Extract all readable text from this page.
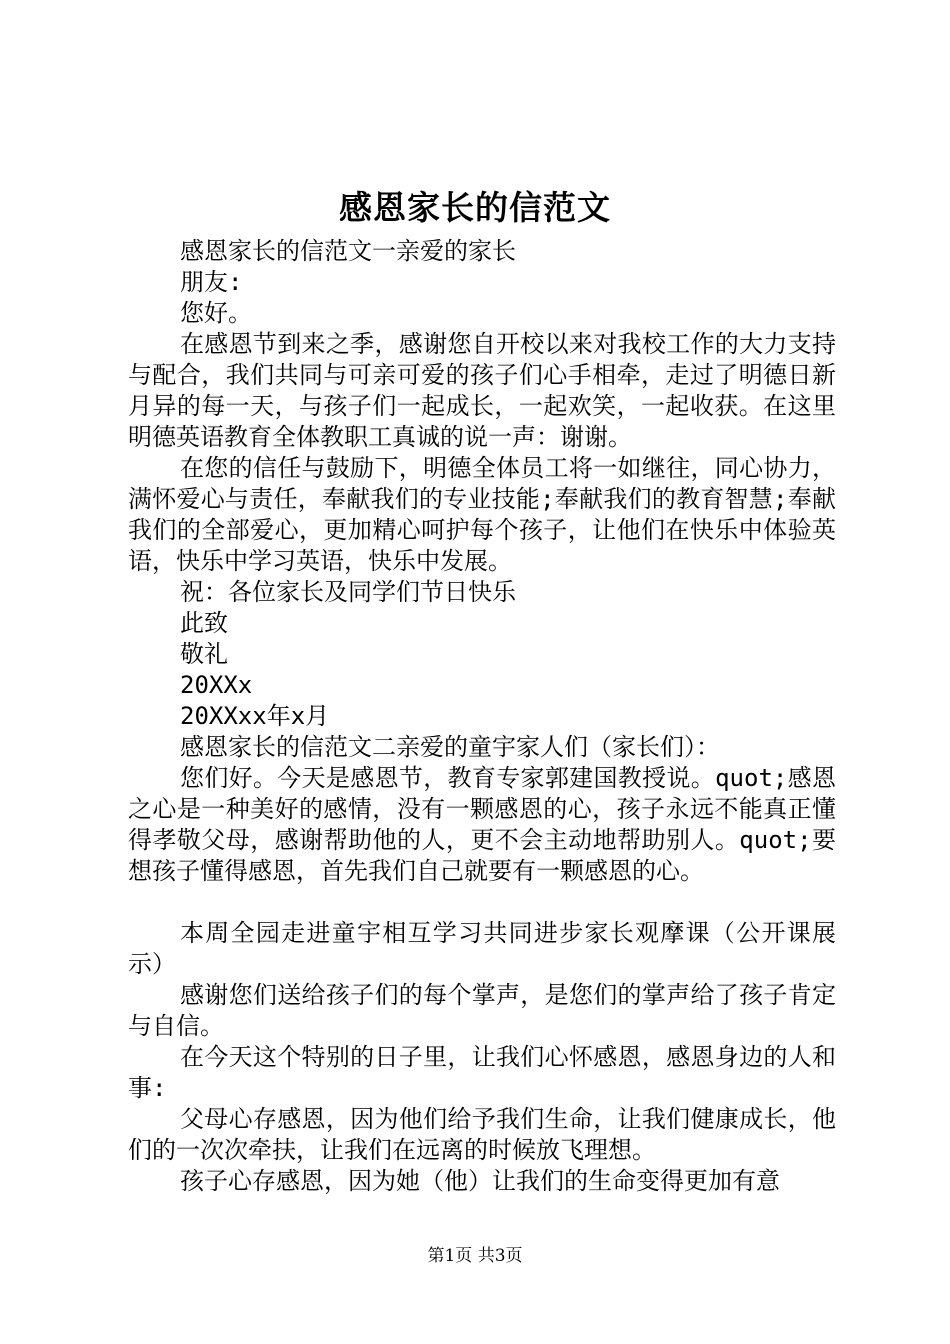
感恩家长的信范文

感恩家长的信范文一亲爱的家长

朋友:

您好。

在感恩节到来之季，感谢您自开校以来对我校工作的大力支持与配合，我们共同与可亲可爱的孩子们心手相牵，走过了明德日新月异的每一天，与孩子们一起成长，一起欢笑，一起收获。在这里明德英语教育全体教职工真诚的说一声：谢谢。

在您的信任与鼓励下，明德全体员工将一如继往，同心协力，满怀爱心与责任，奉献我们的专业技能;奉献我们的教育智慧;奉献我们的全部爱心，更加精心呵护每个孩子，让他们在快乐中体验英语，快乐中学习英语，快乐中发展。

祝：各位家长及同学们节日快乐

此致

敬礼

20XXx

20XXxx年x月

感恩家长的信范文二亲爱的童宇家人们（家长们）：

您们好。今天是感恩节，教育专家郭建国教授说。quot;感恩之心是一种美好的感情，没有一颗感恩的心，孩子永远不能真正懂得孝敬父母，感谢帮助他的人，更不会主动地帮助别人。quot;要想孩子懂得感恩，首先我们自己就要有一颗感恩的心。

本周全园走进童宇相互学习共同进步家长观摩课（公开课展示）

感谢您们送给孩子们的每个掌声，是您们的掌声给了孩子肯定与自信。

在今天这个特别的日子里，让我们心怀感恩，感恩身边的人和事:

父母心存感恩，因为他们给予我们生命，让我们健康成长，他们的一次次牵扶，让我们在远离的时候放飞理想。

孩子心存感恩，因为她（他）让我们的生命变得更加有意

第1页 共3页
